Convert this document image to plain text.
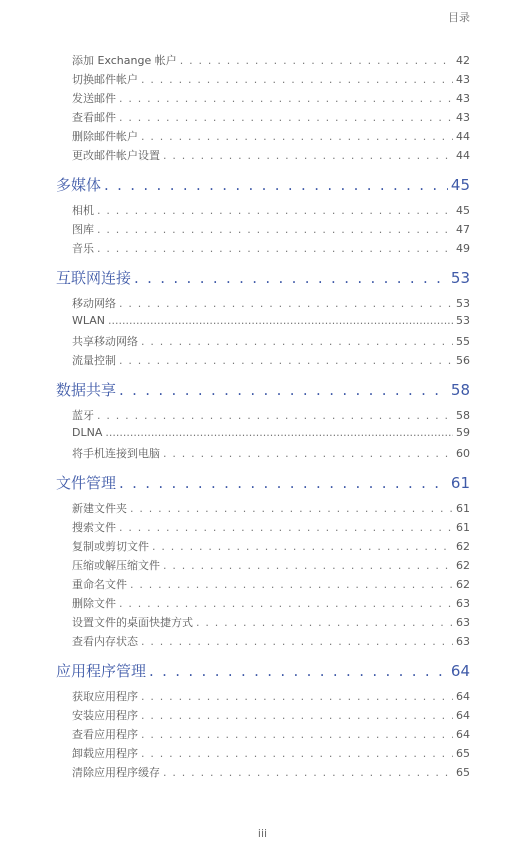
目录
添加 Exchange 帐户 . . .	42
切换邮件帐户 . . .	43
发送邮件 . . .	43
查看邮件 . . .	43
删除邮件帐户 . . .	44
更改邮件帐户设置 . . .	44
多媒体 . . .	45
相机 . . .	45
图库 . . .	47
音乐 . . .	49
互联网连接 . . .	53
移动网络 . . .	53
WLAN .....	53
共享移动网络 . . .	55
流量控制 . . .	56
数据共享 . . .	58
蓝牙 . . .	58
DLNA .....	59
将手机连接到电脑 . . .	60
文件管理 . . .	61
新建文件夹 . . .	61
搜索文件 . . .	61
复制或剪切文件 . . .	62
压缩或解压缩文件 . . .	62
重命名文件 . . .	62
删除文件 . . .	63
设置文件的桌面快捷方式 . . .	63
查看内存状态 . . .	63
应用程序管理 . . .	64
获取应用程序 . . .	64
安装应用程序 . . .	64
查看应用程序 . . .	64
卸载应用程序 . . .	65
清除应用程序缓存 . . .	65
iii
